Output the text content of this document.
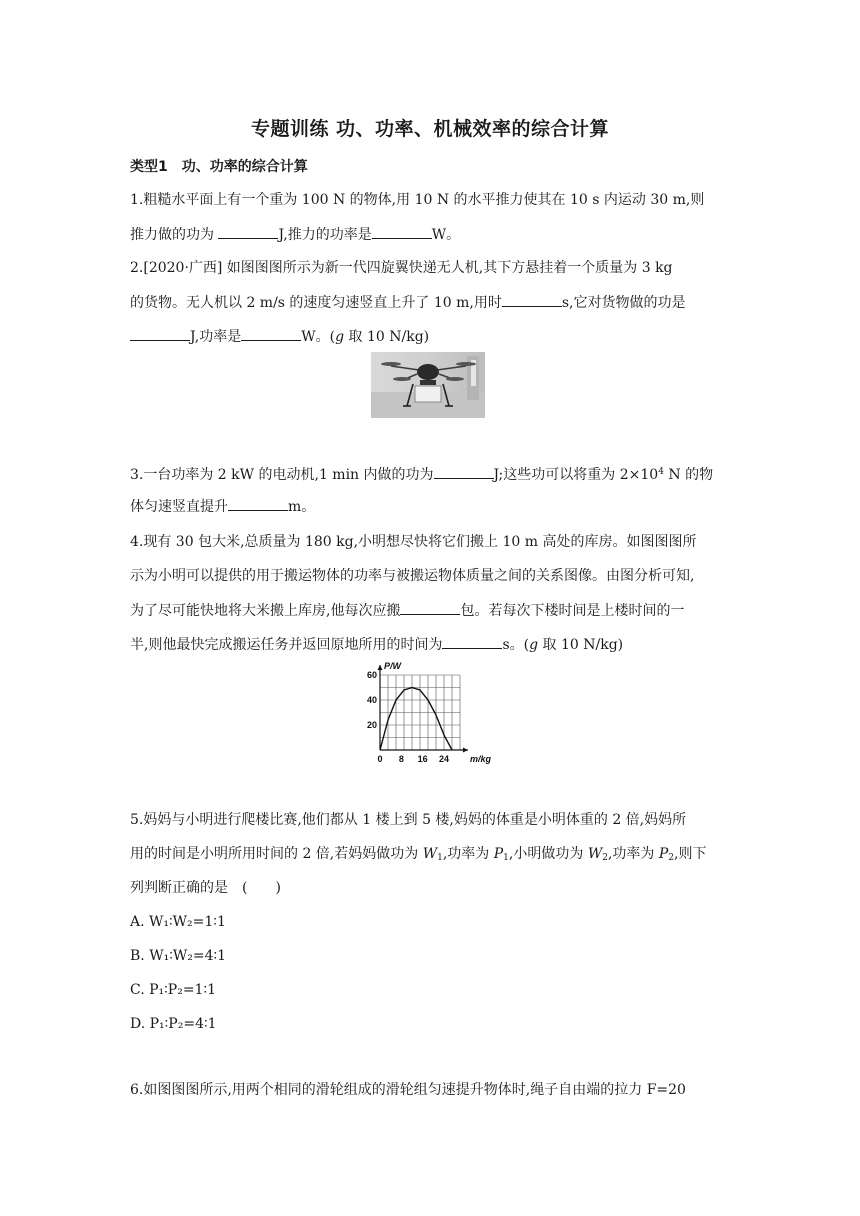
专题训练 功、功率、机械效率的综合计算
类型1　功、功率的综合计算
1.粗糙水平面上有一个重为 100 N 的物体,用 10 N 的水平推力使其在 10 s 内运动 30 m,则
推力做的功为	J,推力的功率是	W。
2.[2020·广西] 如图图图所示为新一代四旋翼快递无人机,其下方悬挂着一个质量为 3 kg
的货物。无人机以 2 m/s 的速度匀速竖直上升了 10 m,用时	s,它对货物做的功是
J,功率是	W。(g 取 10 N/kg)
3.一台功率为 2 kW 的电动机,1 min 内做的功为	J;这些功可以将重为 $2\times 10^4$ N 的物
体匀速竖直提升	m。
4.现有 30 包大米,总质量为 180 kg,小明想尽快将它们搬上 10 m 高处的库房。如图图图所
示为小明可以提供的用于搬运物体的功率与被搬运物体质量之间的关系图像。由图分析可知,
为了尽可能快地将大米搬上库房,他每次应搬	包。若每次下楼时间是上楼时间的一
半,则他最快完成搬运任务并返回原地所用的时间为	s。(g 取 10 N/kg)
0 8 16 24
20
40
60
m/kg
P/W
5.妈妈与小明进行爬楼比赛,他们都从 1 楼上到 5 楼,妈妈的体重是小明体重的 2 倍,妈妈所
用的时间是小明所用时间的 2 倍,若妈妈做功为 $W_1$,功率为 $P_1$,小明做功为 $W_2$,功率为 $P_2$,则下
列判断正确的是　(　　)
A. W₁∶W₂=1∶1
B. W₁∶W₂=4∶1
C. P₁∶P₂=1∶1
D. P₁∶P₂=4∶1
6.如图图图所示,用两个相同的滑轮组成的滑轮组匀速提升物体时,绳子自由端的拉力 F=20
